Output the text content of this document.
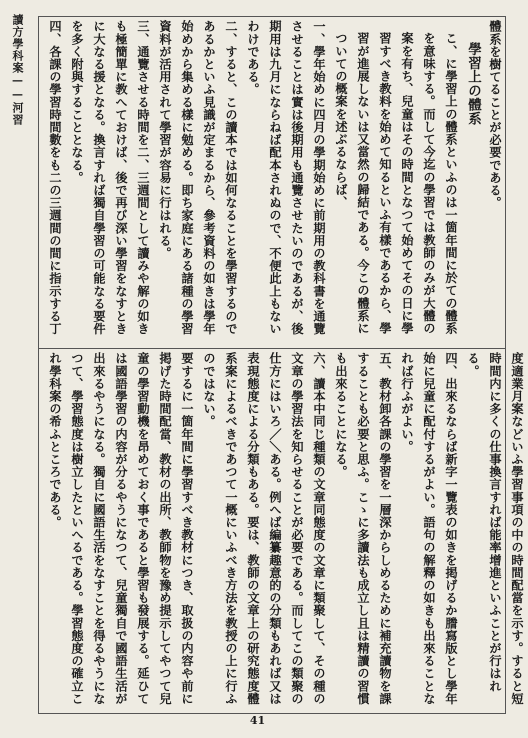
讀方學科案——河習	體系を樹てることが必要である。

學習上の體系

こ、に學習上の體系といふのは一箇年間に於ての體系を意味する。而して今迄の學習では教師のみが大體の案を有ち、兒童はその時間となつて始めてその日に學習すべき教料を始めて知るといふ有樣であるから、學習が進展しないは又當然の歸結である。今この體系についての概案を述ぶるならば、

一、學年始めに四月の學期始めに前期用の教科書を通覽させることは實は後期用も通覽させたいのであるが、後期用は九月にならねば配本されぬので、不便此上もないわけである。

二、すると、この讀本では如何なることを學習するのであるかといふ見識が定まるから、參考資料の如きは學年始めから集める樣に勉める。即ち家庭にある諸種の學習資料が活用されて學習が容易に行はれる。

三、通覽させる時間を二、三週間として讀みや解の如きも極簡單に教へておけば、後で再び深い學習をなすときに大なる援となる。換言すれば獨自學習の可能なる要件を多く附與することとなる。

四、各課の學習時間數をも二の三週間の間に指示する丁

度適業月案などいふ學習事項の中の時間配當を示す。すると短時間内に多くの仕事換言すれば能率增進といふことが行はれる。

四、出來るならば新字一覽表の如きを掲げるか謄寫版とし學年始に兒童に配付するがよい。語句の解釋の如きも出來ることなれば行ふがよい。

五、教材卸各課の學習を一層深からしめるために補充讀物を課することも必要と思ふ。こゝに多讀法も成立し且は精讀の習慣も出來ることになる。

六、讀本中同じ種類の文章同態度の文章に類聚して、その種の文章の學習法を知らせることが必要である。而してこの類聚の仕方にはいろ／＼ある。例へば編纂趣意的の分類もあれば又は表現態度による分類もある。要は、教師の文章上の研究態度體系案によるべきであつて一概にいふべき方法を教授の上に行ふのではない。

要するに一箇年間に學習すべき教材につき、取扱の内容や前に掲げた時間配當、教材の出所、教師物を豫め提示してやつて兒童の學習動機を昂めておく事であると學習も發展する。延ひては國語學習の内容が分るやうになつて、兒童獨自で國語生活が出來るやうになる。獨自に國語生活をなすことを得るやうになつて、學習態度は樹立したといへるである。學習態度の確立これ學科案の希ふところである。

41
